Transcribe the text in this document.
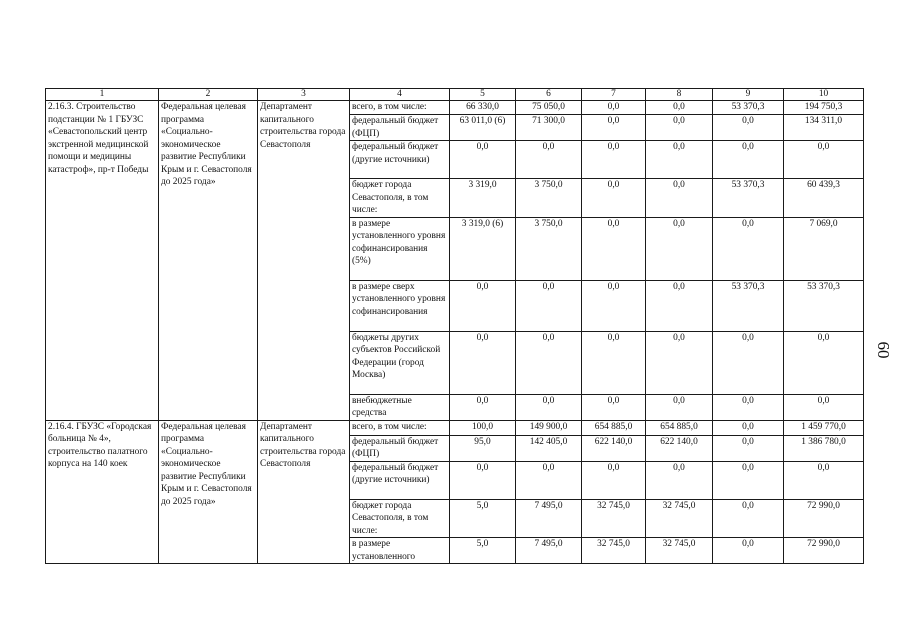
1	2	3	4	5	6	7	8	9	10
2.16.3. Строительство подстанции № 1 ГБУЗС «Севастопольский центр экстренной медицинской помощи и медицины катастроф», пр-т Победы	Федеральная целевая программа «Социально-экономическое развитие Республики Крым и г. Севастополя до 2025 года»	Департамент капитального строительства города Севастополя	всего, в том числе:	66 330,0	75 050,0	0,0	0,0	53 370,3	194 750,3
			федеральный бюджет (ФЦП)	63 011,0 (6)	71 300,0	0,0	0,0	0,0	134 311,0
			федеральный бюджет (другие источники)	0,0	0,0	0,0	0,0	0,0	0,0
			бюджет города Севастополя, в том числе:	3 319,0	3 750,0	0,0	0,0	53 370,3	60 439,3
			в размере установленного уровня софинансирования (5%)	3 319,0 (6)	3 750,0	0,0	0,0	0,0	7 069,0
			в размере сверх установленного уровня софинансирования	0,0	0,0	0,0	0,0	53 370,3	53 370,3
			бюджеты других субъектов Российской Федерации (город Москва)	0,0	0,0	0,0	0,0	0,0	0,0
			внебюджетные средства	0,0	0,0	0,0	0,0	0,0	0,0
2.16.4. ГБУЗС «Городская больница № 4», строительство палатного корпуса на 140 коек	Федеральная целевая программа «Социально-экономическое развитие Республики Крым и г. Севастополя до 2025 года»	Департамент капитального строительства города Севастополя	всего, в том числе:	100,0	149 900,0	654 885,0	654 885,0	0,0	1 459 770,0
			федеральный бюджет (ФЦП)	95,0	142 405,0	622 140,0	622 140,0	0,0	1 386 780,0
			федеральный бюджет (другие источники)	0,0	0,0	0,0	0,0	0,0	0,0
			бюджет города Севастополя, в том числе:	5,0	7 495,0	32 745,0	32 745,0	0,0	72 990,0
			в размере установленного	5,0	7 495,0	32 745,0	32 745,0	0,0	72 990,0
60
